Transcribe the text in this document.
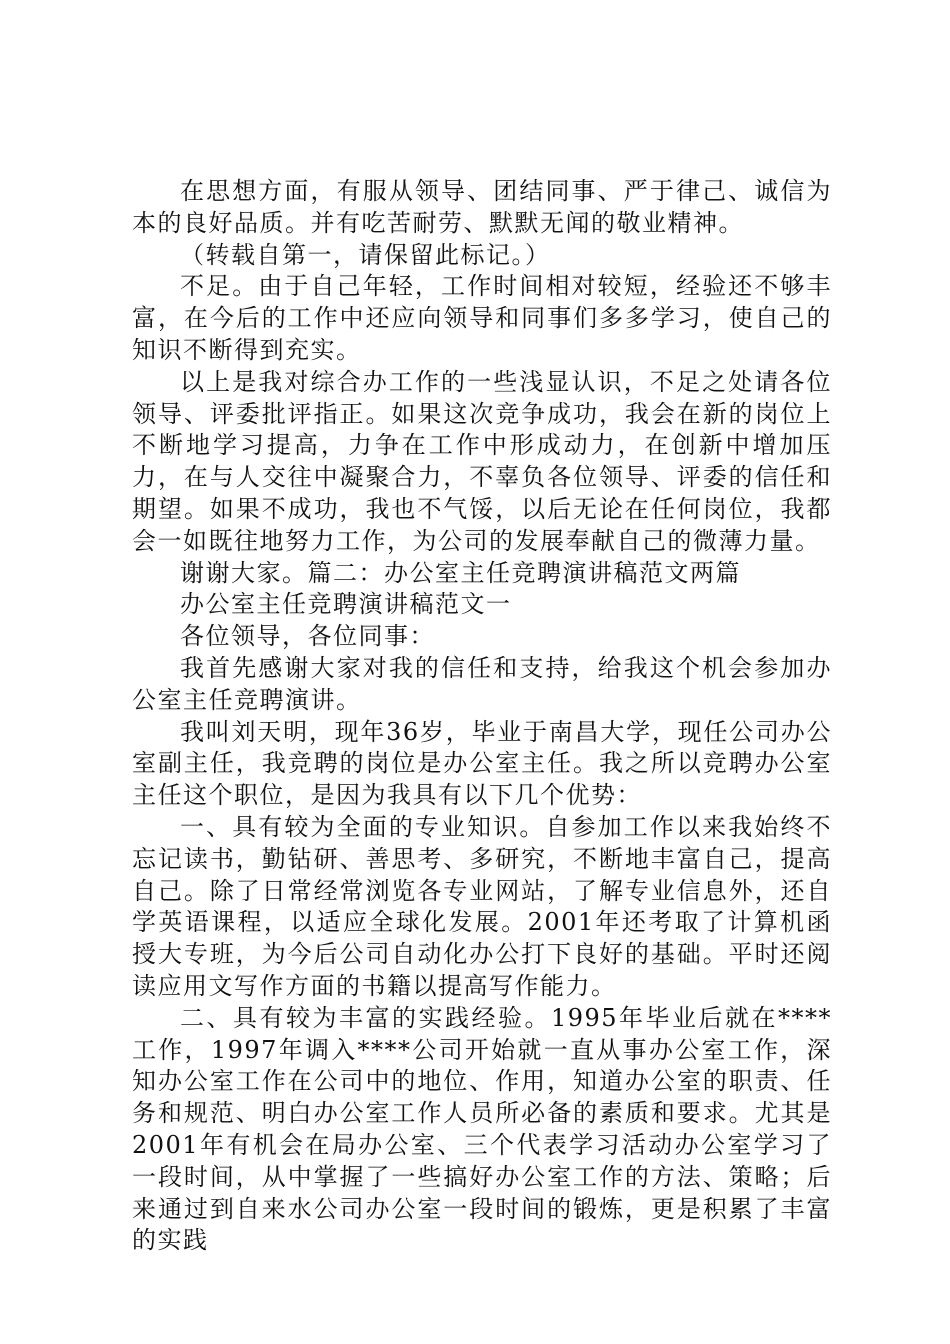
在思想方面，有服从领导、团结同事、严于律己、诚信为本的良好品质。并有吃苦耐劳、默默无闻的敬业精神。

（转载自第一，请保留此标记。）

不足。由于自己年轻，工作时间相对较短，经验还不够丰富，在今后的工作中还应向领导和同事们多多学习，使自己的知识不断得到充实。

以上是我对综合办工作的一些浅显认识，不足之处请各位领导、评委批评指正。如果这次竞争成功，我会在新的岗位上不断地学习提高，力争在工作中形成动力，在创新中增加压力，在与人交往中凝聚合力，不辜负各位领导、评委的信任和期望。如果不成功，我也不气馁，以后无论在任何岗位，我都会一如既往地努力工作，为公司的发展奉献自己的微薄力量。

谢谢大家。篇二：办公室主任竞聘演讲稿范文两篇

办公室主任竞聘演讲稿范文一

各位领导，各位同事：

我首先感谢大家对我的信任和支持，给我这个机会参加办公室主任竞聘演讲。

我叫刘天明，现年36岁，毕业于南昌大学，现任公司办公室副主任，我竞聘的岗位是办公室主任。我之所以竞聘办公室主任这个职位，是因为我具有以下几个优势：

一、具有较为全面的专业知识。自参加工作以来我始终不忘记读书，勤钻研、善思考、多研究，不断地丰富自己，提高自己。除了日常经常浏览各专业网站，了解专业信息外，还自学英语课程，以适应全球化发展。2001年还考取了计算机函授大专班，为今后公司自动化办公打下良好的基础。平时还阅读应用文写作方面的书籍以提高写作能力。

二、具有较为丰富的实践经验。1995年毕业后就在****工作，1997年调入****公司开始就一直从事办公室工作，深知办公室工作在公司中的地位、作用，知道办公室的职责、任务和规范、明白办公室工作人员所必备的素质和要求。尤其是2001年有机会在局办公室、三个代表学习活动办公室学习了一段时间，从中掌握了一些搞好办公室工作的方法、策略；后来通过到自来水公司办公室一段时间的锻炼，更是积累了丰富的实践
